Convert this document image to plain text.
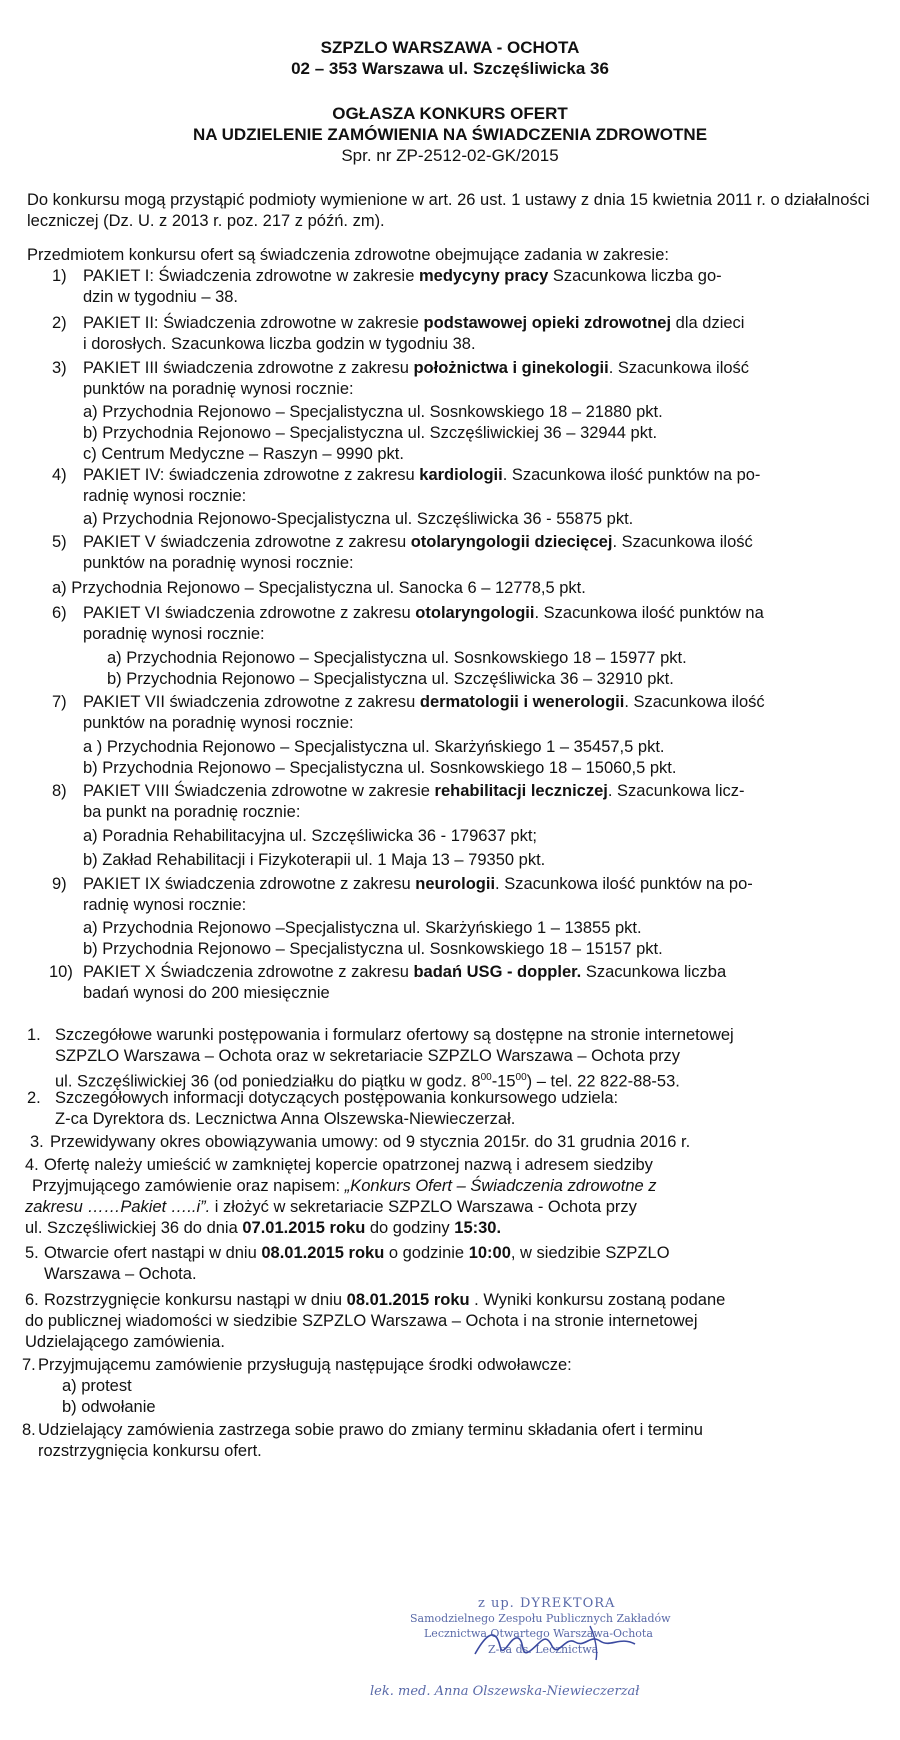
SZPZLO WARSZAWA - OCHOTA
02 – 353 Warszawa ul. Szczęśliwicka 36
OGŁASZA KONKURS OFERT
NA UDZIELENIE ZAMÓWIENIA NA ŚWIADCZENIA ZDROWOTNE
Spr. nr ZP-2512-02-GK/2015
Do konkursu mogą przystąpić podmioty wymienione w art. 26 ust. 1 ustawy z dnia 15 kwietnia 2011 r. o działalności leczniczej (Dz. U. z 2013 r. poz. 217 z późń. zm).
Przedmiotem konkursu ofert są świadczenia zdrowotne obejmujące zadania w zakresie:
1) PAKIET I: Świadczenia zdrowotne w zakresie medycyny pracy Szacunkowa liczba go-
dzin w tygodniu – 38.
2) PAKIET II: Świadczenia zdrowotne w zakresie podstawowej opieki zdrowotnej dla dzieci
i dorosłych. Szacunkowa liczba godzin w tygodniu 38.
3) PAKIET III świadczenia zdrowotne z zakresu położnictwa i ginekologii. Szacunkowa ilość
punktów na poradnię wynosi rocznie:
a) Przychodnia Rejonowo – Specjalistyczna ul. Sosnkowskiego 18 – 21880 pkt.
b) Przychodnia Rejonowo – Specjalistyczna ul. Szczęśliwickiej 36 – 32944 pkt.
c) Centrum Medyczne – Raszyn – 9990 pkt.
4) PAKIET IV: świadczenia zdrowotne z zakresu kardiologii. Szacunkowa ilość punktów na po-
radnię wynosi rocznie:
a) Przychodnia Rejonowo-Specjalistyczna ul. Szczęśliwicka 36 - 55875 pkt.
5) PAKIET V świadczenia zdrowotne z zakresu otolaryngologii dziecięcej. Szacunkowa ilość
punktów na poradnię wynosi rocznie:
a) Przychodnia Rejonowo – Specjalistyczna ul. Sanocka 6 – 12778,5 pkt.
6) PAKIET VI świadczenia zdrowotne z zakresu otolaryngologii. Szacunkowa ilość punktów na
poradnię wynosi rocznie:
a) Przychodnia Rejonowo – Specjalistyczna ul. Sosnkowskiego 18 – 15977 pkt.
b) Przychodnia Rejonowo – Specjalistyczna ul. Szczęśliwicka 36 – 32910 pkt.
7) PAKIET VII świadczenia zdrowotne z zakresu dermatologii i wenerologii. Szacunkowa ilość
punktów na poradnię wynosi rocznie:
a ) Przychodnia Rejonowo – Specjalistyczna ul. Skarżyńskiego 1 – 35457,5 pkt.
b) Przychodnia Rejonowo – Specjalistyczna ul. Sosnkowskiego 18 – 15060,5 pkt.
8) PAKIET VIII Świadczenia zdrowotne w zakresie rehabilitacji leczniczej. Szacunkowa licz-
ba punkt na poradnię rocznie:
a) Poradnia Rehabilitacyjna ul. Szczęśliwicka 36 - 179637 pkt;
b) Zakład Rehabilitacji i Fizykoterapii ul. 1 Maja 13 – 79350 pkt.
9) PAKIET IX świadczenia zdrowotne z zakresu neurologii. Szacunkowa ilość punktów na po-
radnię wynosi rocznie:
a) Przychodnia Rejonowo –Specjalistyczna ul. Skarżyńskiego 1 – 13855 pkt.
b) Przychodnia Rejonowo – Specjalistyczna ul. Sosnkowskiego 18 – 15157 pkt.
10) PAKIET X Świadczenia zdrowotne z zakresu badań USG - doppler. Szacunkowa liczba
badań wynosi do 200 miesięcznie
1. Szczegółowe warunki postępowania i formularz ofertowy są dostępne na stronie internetowej
SZPZLO Warszawa – Ochota oraz w sekretariacie SZPZLO Warszawa – Ochota przy
ul. Szczęśliwickiej 36 (od poniedziałku do piątku w godz. $8^{00}-15^{00}$) – tel. 22 822-88-53.
2. Szczegółowych informacji dotyczących postępowania konkursowego udziela:
Z-ca Dyrektora ds. Lecznictwa Anna Olszewska-Niewieczerzał.
3. Przewidywany okres obowiązywania umowy: od 9 stycznia 2015r. do 31 grudnia 2016 r.
4. Ofertę należy umieścić w zamkniętej kopercie opatrzonej nazwą i adresem siedziby
Przyjmującego zamówienie oraz napisem: „Konkurs Ofert – Świadczenia zdrowotne z
zakresu ……Pakiet …..i”. i złożyć w sekretariacie SZPZLO Warszawa - Ochota przy
ul. Szczęśliwickiej 36 do dnia 07.01.2015 roku do godziny 15:30.
5. Otwarcie ofert nastąpi w dniu 08.01.2015 roku o godzinie 10:00, w siedzibie SZPZLO
Warszawa – Ochota.
6. Rozstrzygnięcie konkursu nastąpi w dniu 08.01.2015 roku . Wyniki konkursu zostaną podane
do publicznej wiadomości w siedzibie SZPZLO Warszawa – Ochota i na stronie internetowej
Udzielającego zamówienia.
7. Przyjmującemu zamówienie przysługują następujące środki odwoławcze:
a) protest
b) odwołanie
8. Udzielający zamówienia zastrzega sobie prawo do zmiany terminu składania ofert i terminu
rozstrzygnięcia konkursu ofert.
z up. DYREKTORA
Samodzielnego Zespołu Publicznych Zakładów
Lecznictwa Otwartego Warszawa-Ochota
Z-ca ds. Lecznictwa
lek. med. Anna Olszewska-Niewieczerzał
